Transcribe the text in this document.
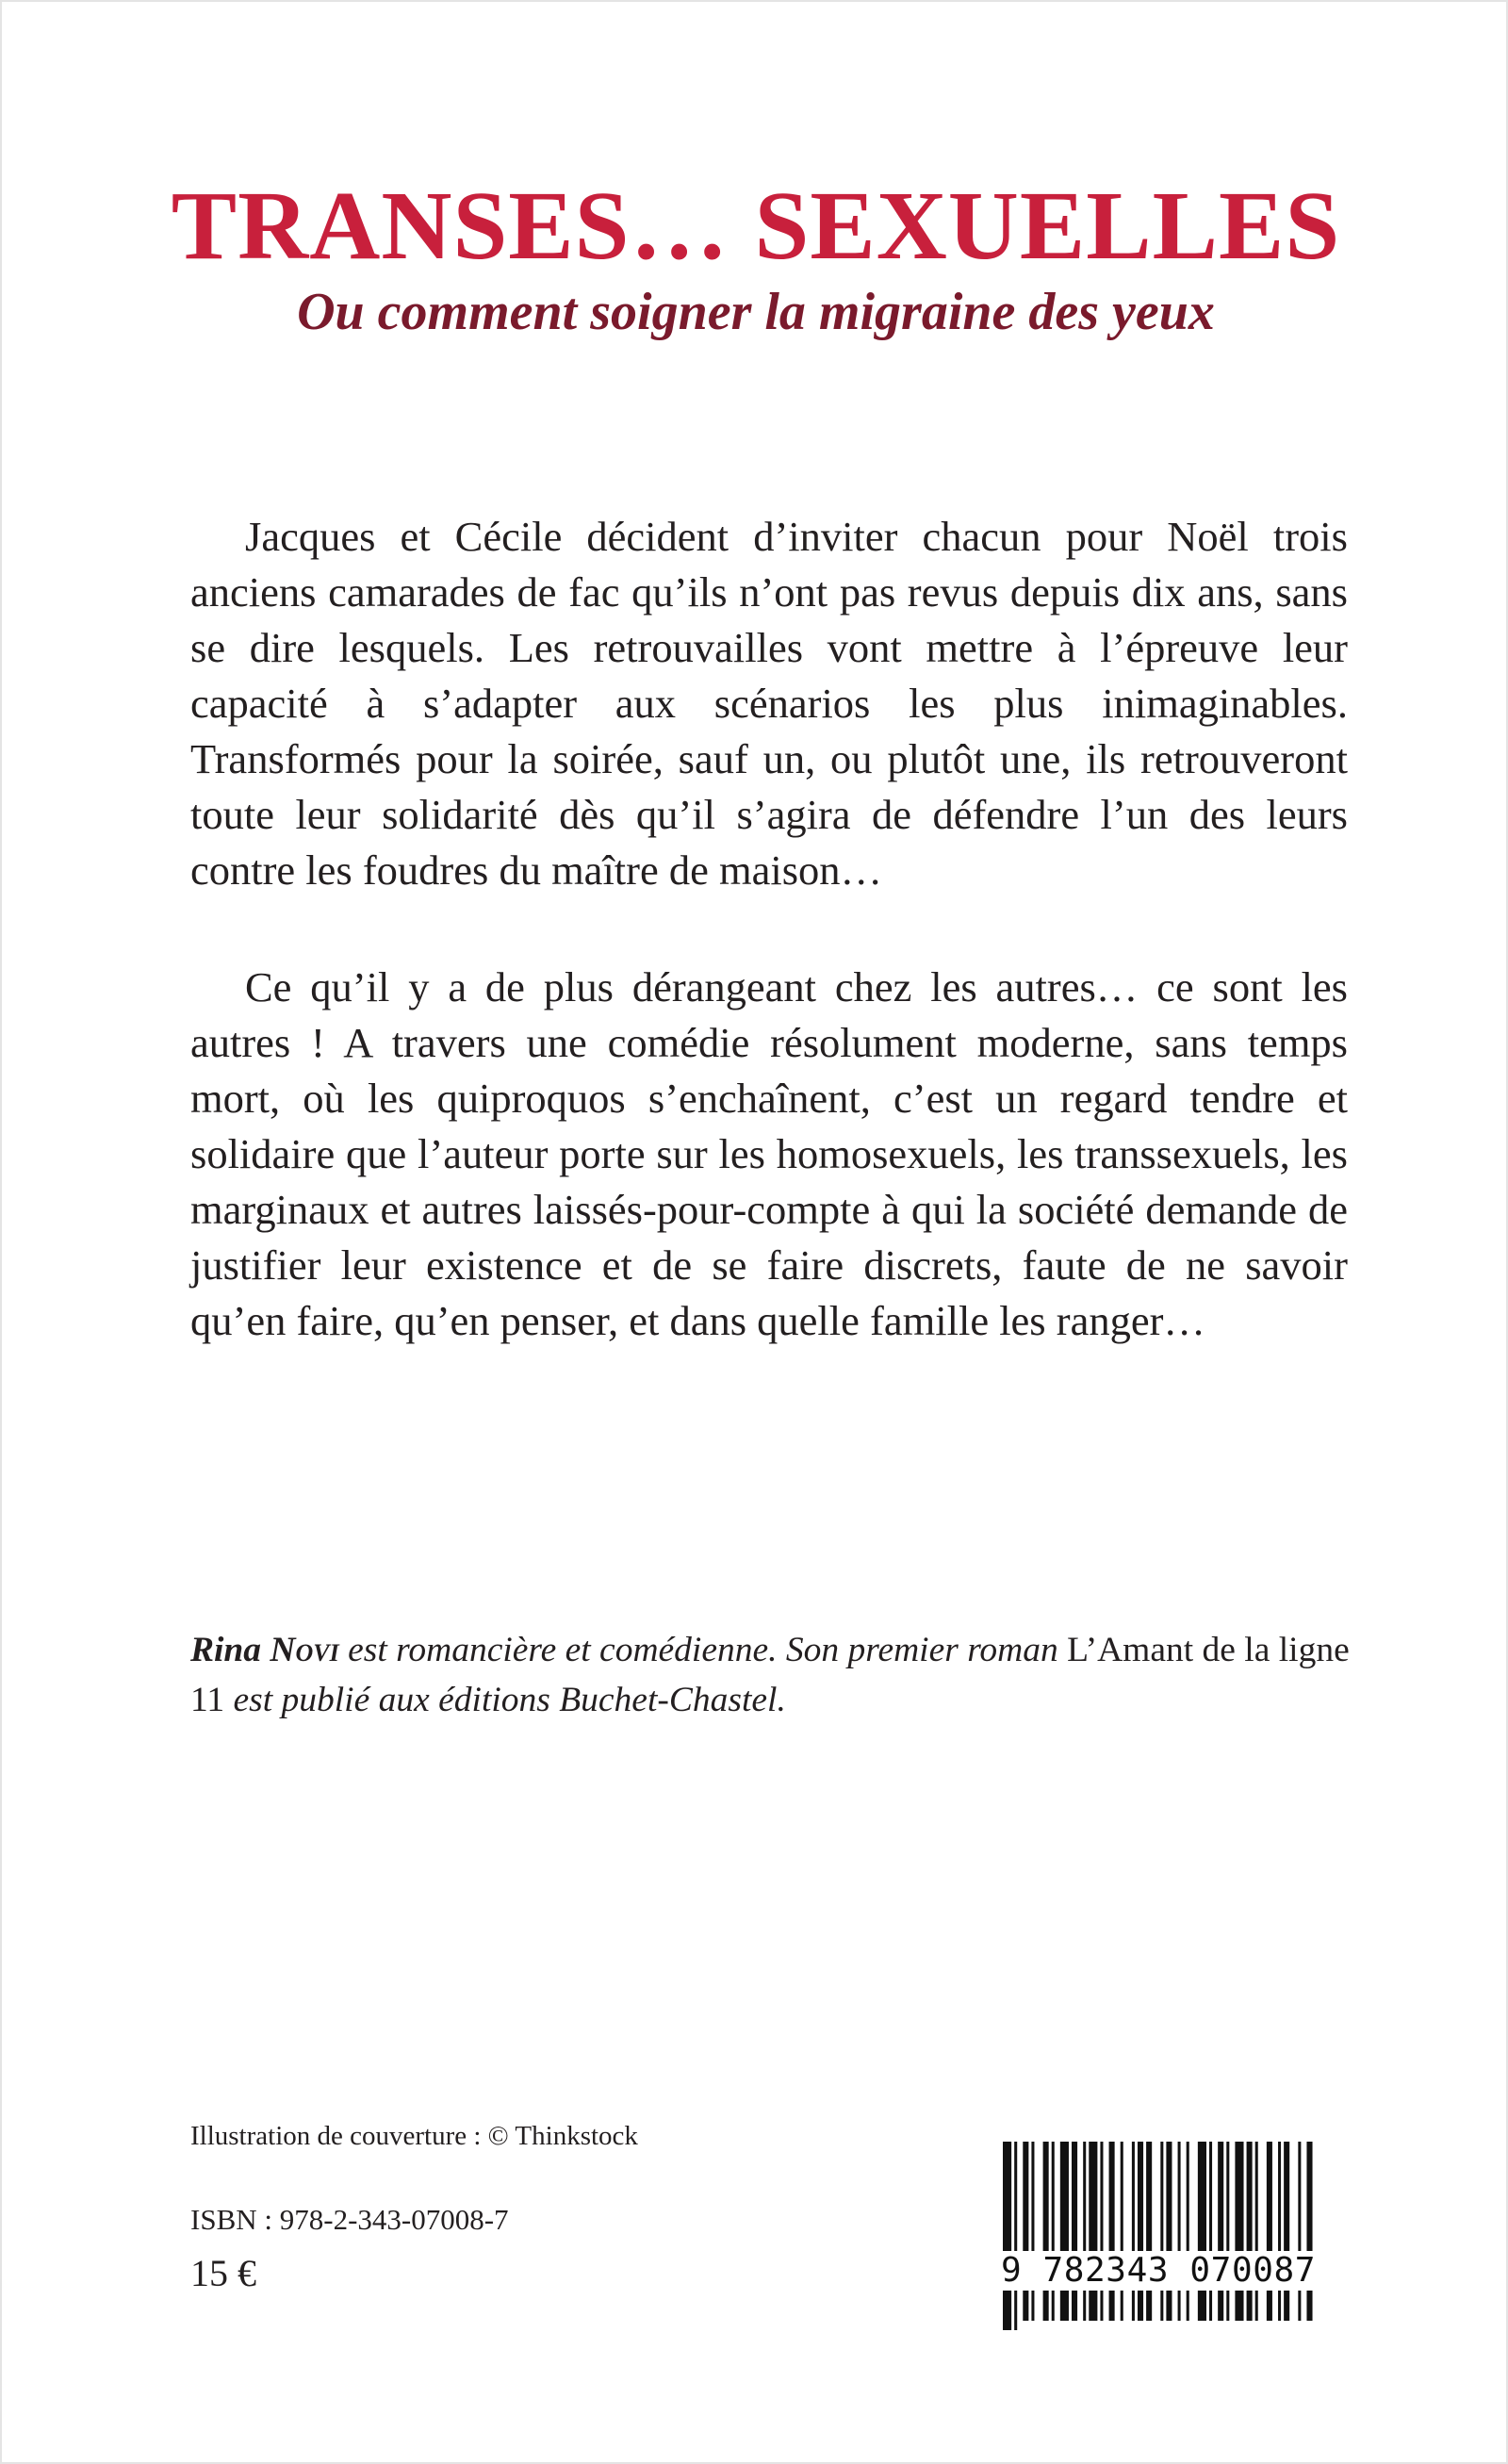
TRANSES… SEXUELLES
Ou comment soigner la migraine des yeux

Jacques et Cécile décident d’inviter chacun pour Noël trois anciens camarades de fac qu’ils n’ont pas revus depuis dix ans, sans se dire lesquels. Les retrouvailles vont mettre à l’épreuve leur capacité à s’adapter aux scénarios les plus inimaginables. Transformés pour la soirée, sauf un, ou plutôt une, ils retrouveront toute leur solidarité dès qu’il s’agira de défendre l’un des leurs contre les foudres du maître de maison…

Ce qu’il y a de plus dérangeant chez les autres… ce sont les autres ! A travers une comédie résolument moderne, sans temps mort, où les quiproquos s’enchaînent, c’est un regard tendre et solidaire que l’auteur porte sur les homosexuels, les transsexuels, les marginaux et autres laissés-pour-compte à qui la société demande de justifier leur existence et de se faire discrets, faute de ne savoir qu’en faire, qu’en penser, et dans quelle famille les ranger…

Rina Novi est romancière et comédienne. Son premier roman L’Amant de la ligne 11 est publié aux éditions Buchet-Chastel.

Illustration de couverture : © Thinkstock
ISBN : 978-2-343-07008-7
15 €	9 782343 070087
